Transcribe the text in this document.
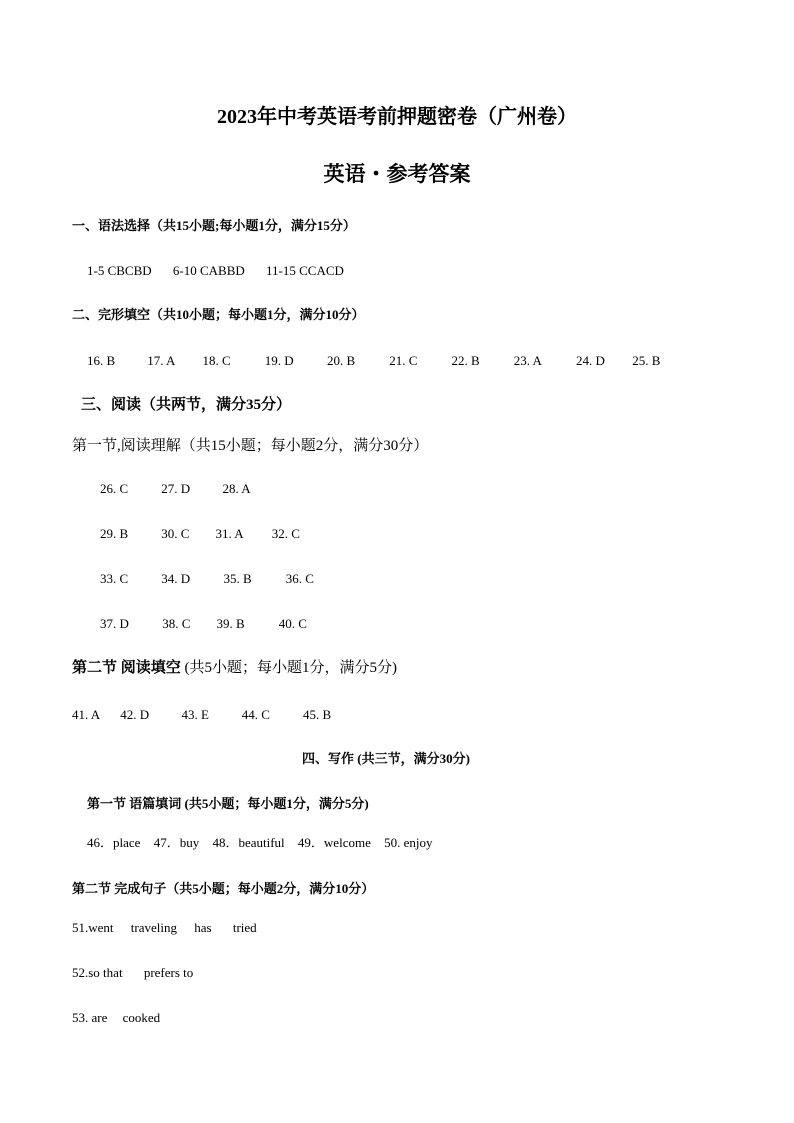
2023年中考英语考前押题密卷（广州卷）
英语・参考答案
一、语法选择（共15小题;每小题1分，满分15分）
1-5 CBCBD 6-10 CABBD 11-15 CCACD
二、完形填空（共10小题；每小题1分，满分10分）
16. B 17. A 18. C	19. D	20. B	21. C	22. B	23. A	24. D 25. B
三、阅读（共两节，满分35分）
第一节,阅读理解（共15小题；每小题2分，满分30分）
26. C	27. D 28. A
29. B	30. C 31. A 32. C
33. C	34. D	35. B	36. C
37. D	38. C 39. B	40. C
第二节 阅读填空 (共5小题；每小题1分，满分5分)
41. A 42. D 43. E	44. C	45. B
四、写作 (共三节，满分30分)
第一节 语篇填词 (共5小题；每小题1分，满分5分)
46．place 47．buy 48．beautiful 49．welcome 50. enjoy
第二节 完成句子（共5小题；每小题2分，满分10分）
51.went traveling has tried
52.so that prefers to
53. are cooked
